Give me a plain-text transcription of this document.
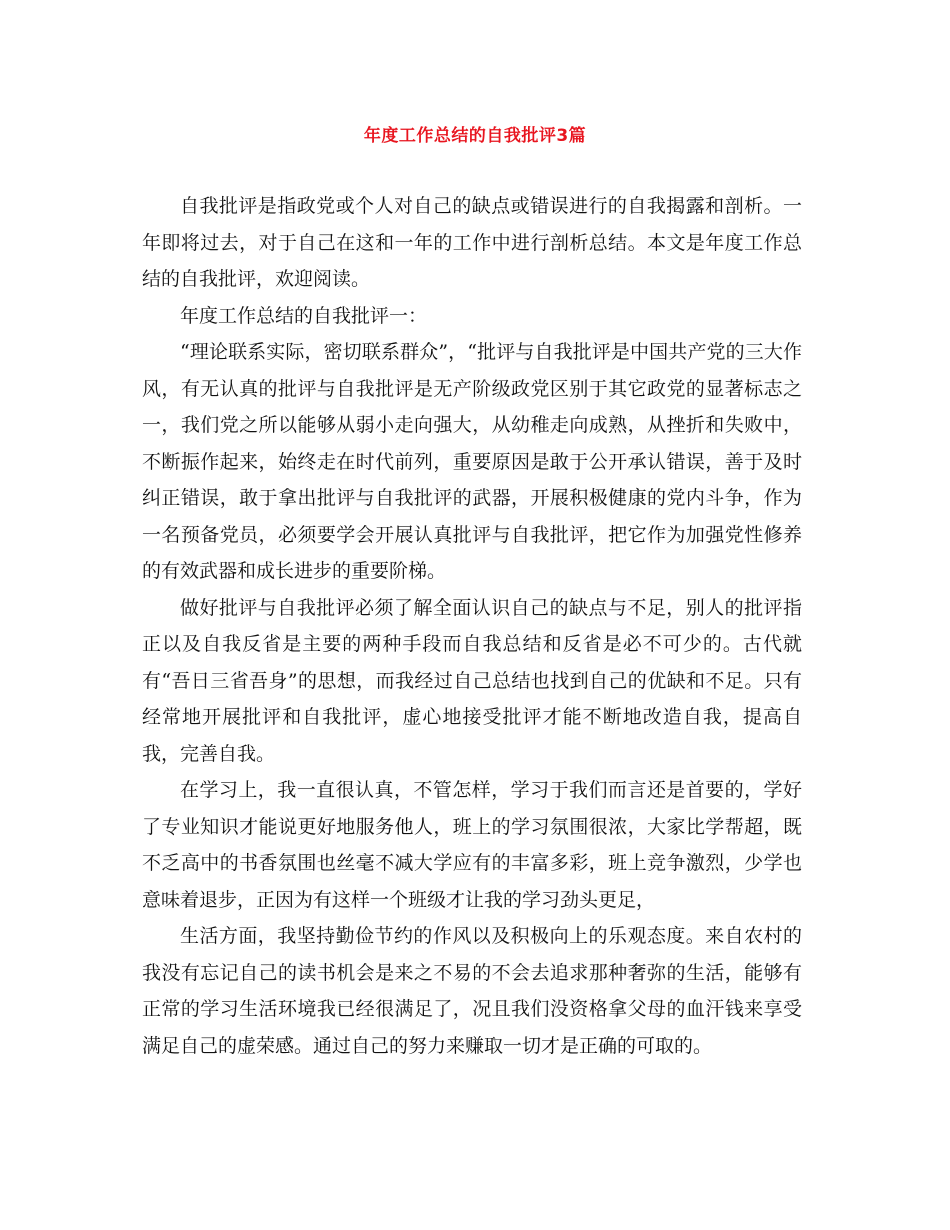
年度工作总结的自我批评3篇

自我批评是指政党或个人对自己的缺点或错误进行的自我揭露和剖析。一年即将过去，对于自己在这和一年的工作中进行剖析总结。本文是年度工作总结的自我批评，欢迎阅读。

年度工作总结的自我批评一：

“理论联系实际，密切联系群众”，“批评与自我批评是中国共产党的三大作风，有无认真的批评与自我批评是无产阶级政党区别于其它政党的显著标志之一，我们党之所以能够从弱小走向强大，从幼稚走向成熟，从挫折和失败中，不断振作起来，始终走在时代前列，重要原因是敢于公开承认错误，善于及时纠正错误，敢于拿出批评与自我批评的武器，开展积极健康的党内斗争，作为一名预备党员，必须要学会开展认真批评与自我批评，把它作为加强党性修养的有效武器和成长进步的重要阶梯。

做好批评与自我批评必须了解全面认识自己的缺点与不足，别人的批评指正以及自我反省是主要的两种手段而自我总结和反省是必不可少的。古代就有“吾日三省吾身”的思想，而我经过自己总结也找到自己的优缺和不足。只有经常地开展批评和自我批评，虚心地接受批评才能不断地改造自我，提高自我，完善自我。

在学习上，我一直很认真，不管怎样，学习于我们而言还是首要的，学好了专业知识才能说更好地服务他人，班上的学习氛围很浓，大家比学帮超，既不乏高中的书香氛围也丝毫不减大学应有的丰富多彩，班上竞争激烈，少学也意味着退步，正因为有这样一个班级才让我的学习劲头更足，

生活方面，我坚持勤俭节约的作风以及积极向上的乐观态度。来自农村的我没有忘记自己的读书机会是来之不易的不会去追求那种奢弥的生活，能够有正常的学习生活环境我已经很满足了，况且我们没资格拿父母的血汗钱来享受满足自己的虚荣感。通过自己的努力来赚取一切才是正确的可取的。
